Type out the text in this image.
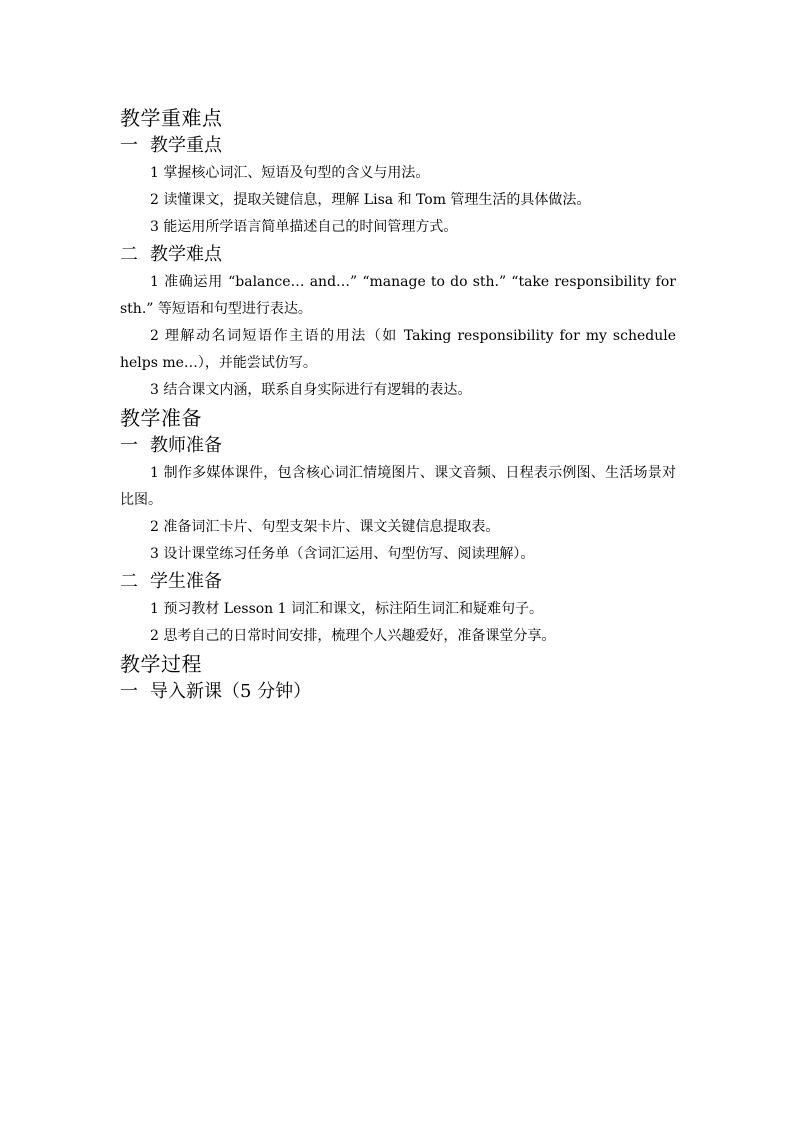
教学重难点
一 教学重点

1 掌握核心词汇、短语及句型的含义与用法。

2 读懂课文，提取关键信息，理解 Lisa 和 Tom 管理生活的具体做法。

3 能运用所学语言简单描述自己的时间管理方式。

二 教学难点

1 准确运用 “balance… and…” “manage to do sth.” “take responsibility for sth.” 等短语和句型进行表达。

2 理解动名词短语作主语的用法（如 Taking responsibility for my schedule helps me…），并能尝试仿写。

3 结合课文内涵，联系自身实际进行有逻辑的表达。

教学准备
一 教师准备

1 制作多媒体课件，包含核心词汇情境图片、课文音频、日程表示例图、生活场景对比图。

2 准备词汇卡片、句型支架卡片、课文关键信息提取表。

3 设计课堂练习任务单（含词汇运用、句型仿写、阅读理解）。

二 学生准备

1 预习教材 Lesson 1 词汇和课文，标注陌生词汇和疑难句子。

2 思考自己的日常时间安排，梳理个人兴趣爱好，准备课堂分享。

教学过程
一 导入新课（5 分钟）
